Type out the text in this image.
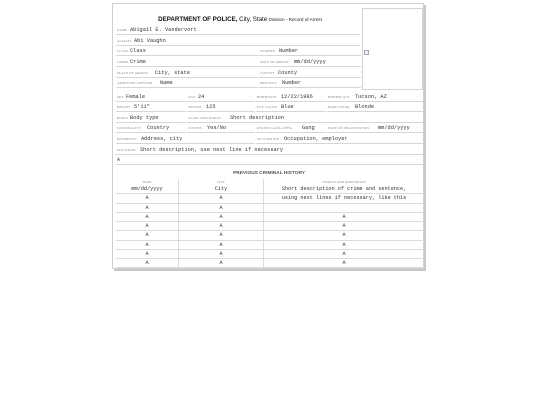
DEPARTMENT OF POLICE, City, State Division - Record of Arrest
NAME Abigail E. Vandervort
ALIASES Abi Vaughn
CLASS Class	NUMBER Number
CRIME Crime	DATE OF ARREST mm/dd/yyyy
PLACE OF ARREST City, state	COUNTY County
ARRESTING OFFICER Name	PRECINCT Number
SEX Female	AGE 24	BIRTHDATE 12/22/1986	BIRTHPLACE Tucson, AZ
HEIGHT 5'11"	WEIGHT 125	EYE COLOR Blue	HAIR COLOR Blonde
BUILD Body type	SCARS AND MARKS Short description
NATIONALITY Country	CITIZEN Yes/No	KNOWN GANG AFFIL. Gang	DATE OF REGISTRATION mm/dd/yyyy
RESIDENCE Address, city	OCCUPATION Occupation, employer
SITUATION Short description, use next line if necessary
Â
PREVIOUS CRIMINAL HISTORY
DATE	CITY	CHARGE AND DISPOSITION
mm/dd/yyyy	City	Short description of crime and sentence,
Â	Â	using next lines if necessary, like this
Â	Â
Â	Â	Â
Â	Â	Â
Â	Â	Â
Â	Â	Â
Â	Â	Â
Â	Â	Â
